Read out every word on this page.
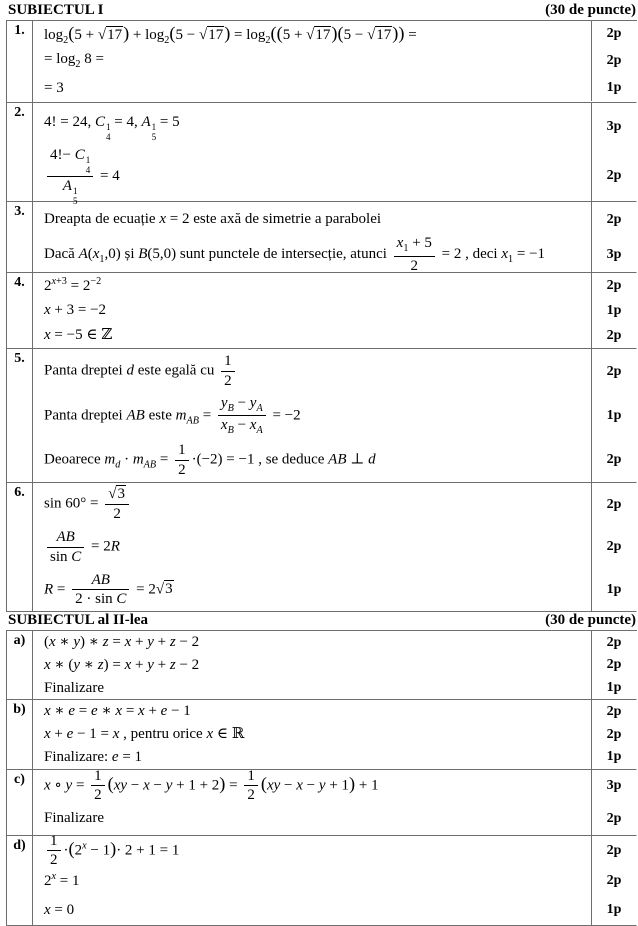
SUBIECTUL I	(30 de puncte)
1.	$\log_2(5 + √17) + \log_2(5 - √17) = \log_2((5 + √17)(5 - √17))$ =	2p
= $\log_2 8$ =	2p
= 3	1p
2.
4! = 24, C 1
4
= 4, A 1
5
= 5	3p
4!− C 1
4
A 1
5 = 4	2p
3.	Dreapta de ecuație x = 2 este axă de simetrie a parabolei	2p
Dacă $A(x_1,0)$ și B(5,0) sunt punctele de intersecție, atunci $\frac{x_1 + 5}{2} = 2$ , deci $x_1 = -1$	3p
4.	$2^{x+3} = 2^{-2}$	2p
x + 3 = −2	1p
x = −5 ∈ ℤ	2p
5.
Panta dreptei d este egală cu $\frac{1}{2}$	2p
Panta dreptei AB este $m_{AB} = \frac{y_B - y_A}{x_B - x_A} = -2$	1p
Deoarece $m_d \cdot m_{AB} = \frac{1}{2} \cdot(-2) = -1$ , se deduce AB ⊥ d	2p
6.
$\sin 60^\circ = \frac{√3}{2}$	2p
$\frac{AB}{\text{sin C}} = 2R$	2p
$R = \frac{AB}{\text{2 · sin C}} = 2√3$	1p
SUBIECTUL al II-lea	(30 de puncte)
a)	(x ∗ y) ∗ z = x + y + z − 2	2p
x ∗ (y ∗ z) = x + y + z − 2	2p
Finalizare	1p
b)	x ∗ e = e ∗ x = x + e − 1	2p
x + e − 1 = x , pentru orice x ∈ ℝ	2p
Finalizare: e = 1	1p
c)	x ∘ $y = \frac{1}{2} (xy - x - y + 1 + 2) = \frac{1}{2} (xy - x - y + 1) + 1$	3p
Finalizare	2p
d)	$\frac{1}{2} \cdot(2^x - 1)\cdot 2 + 1 = 1$	2p
$2^x = 1$	2p
x = 0	1p
